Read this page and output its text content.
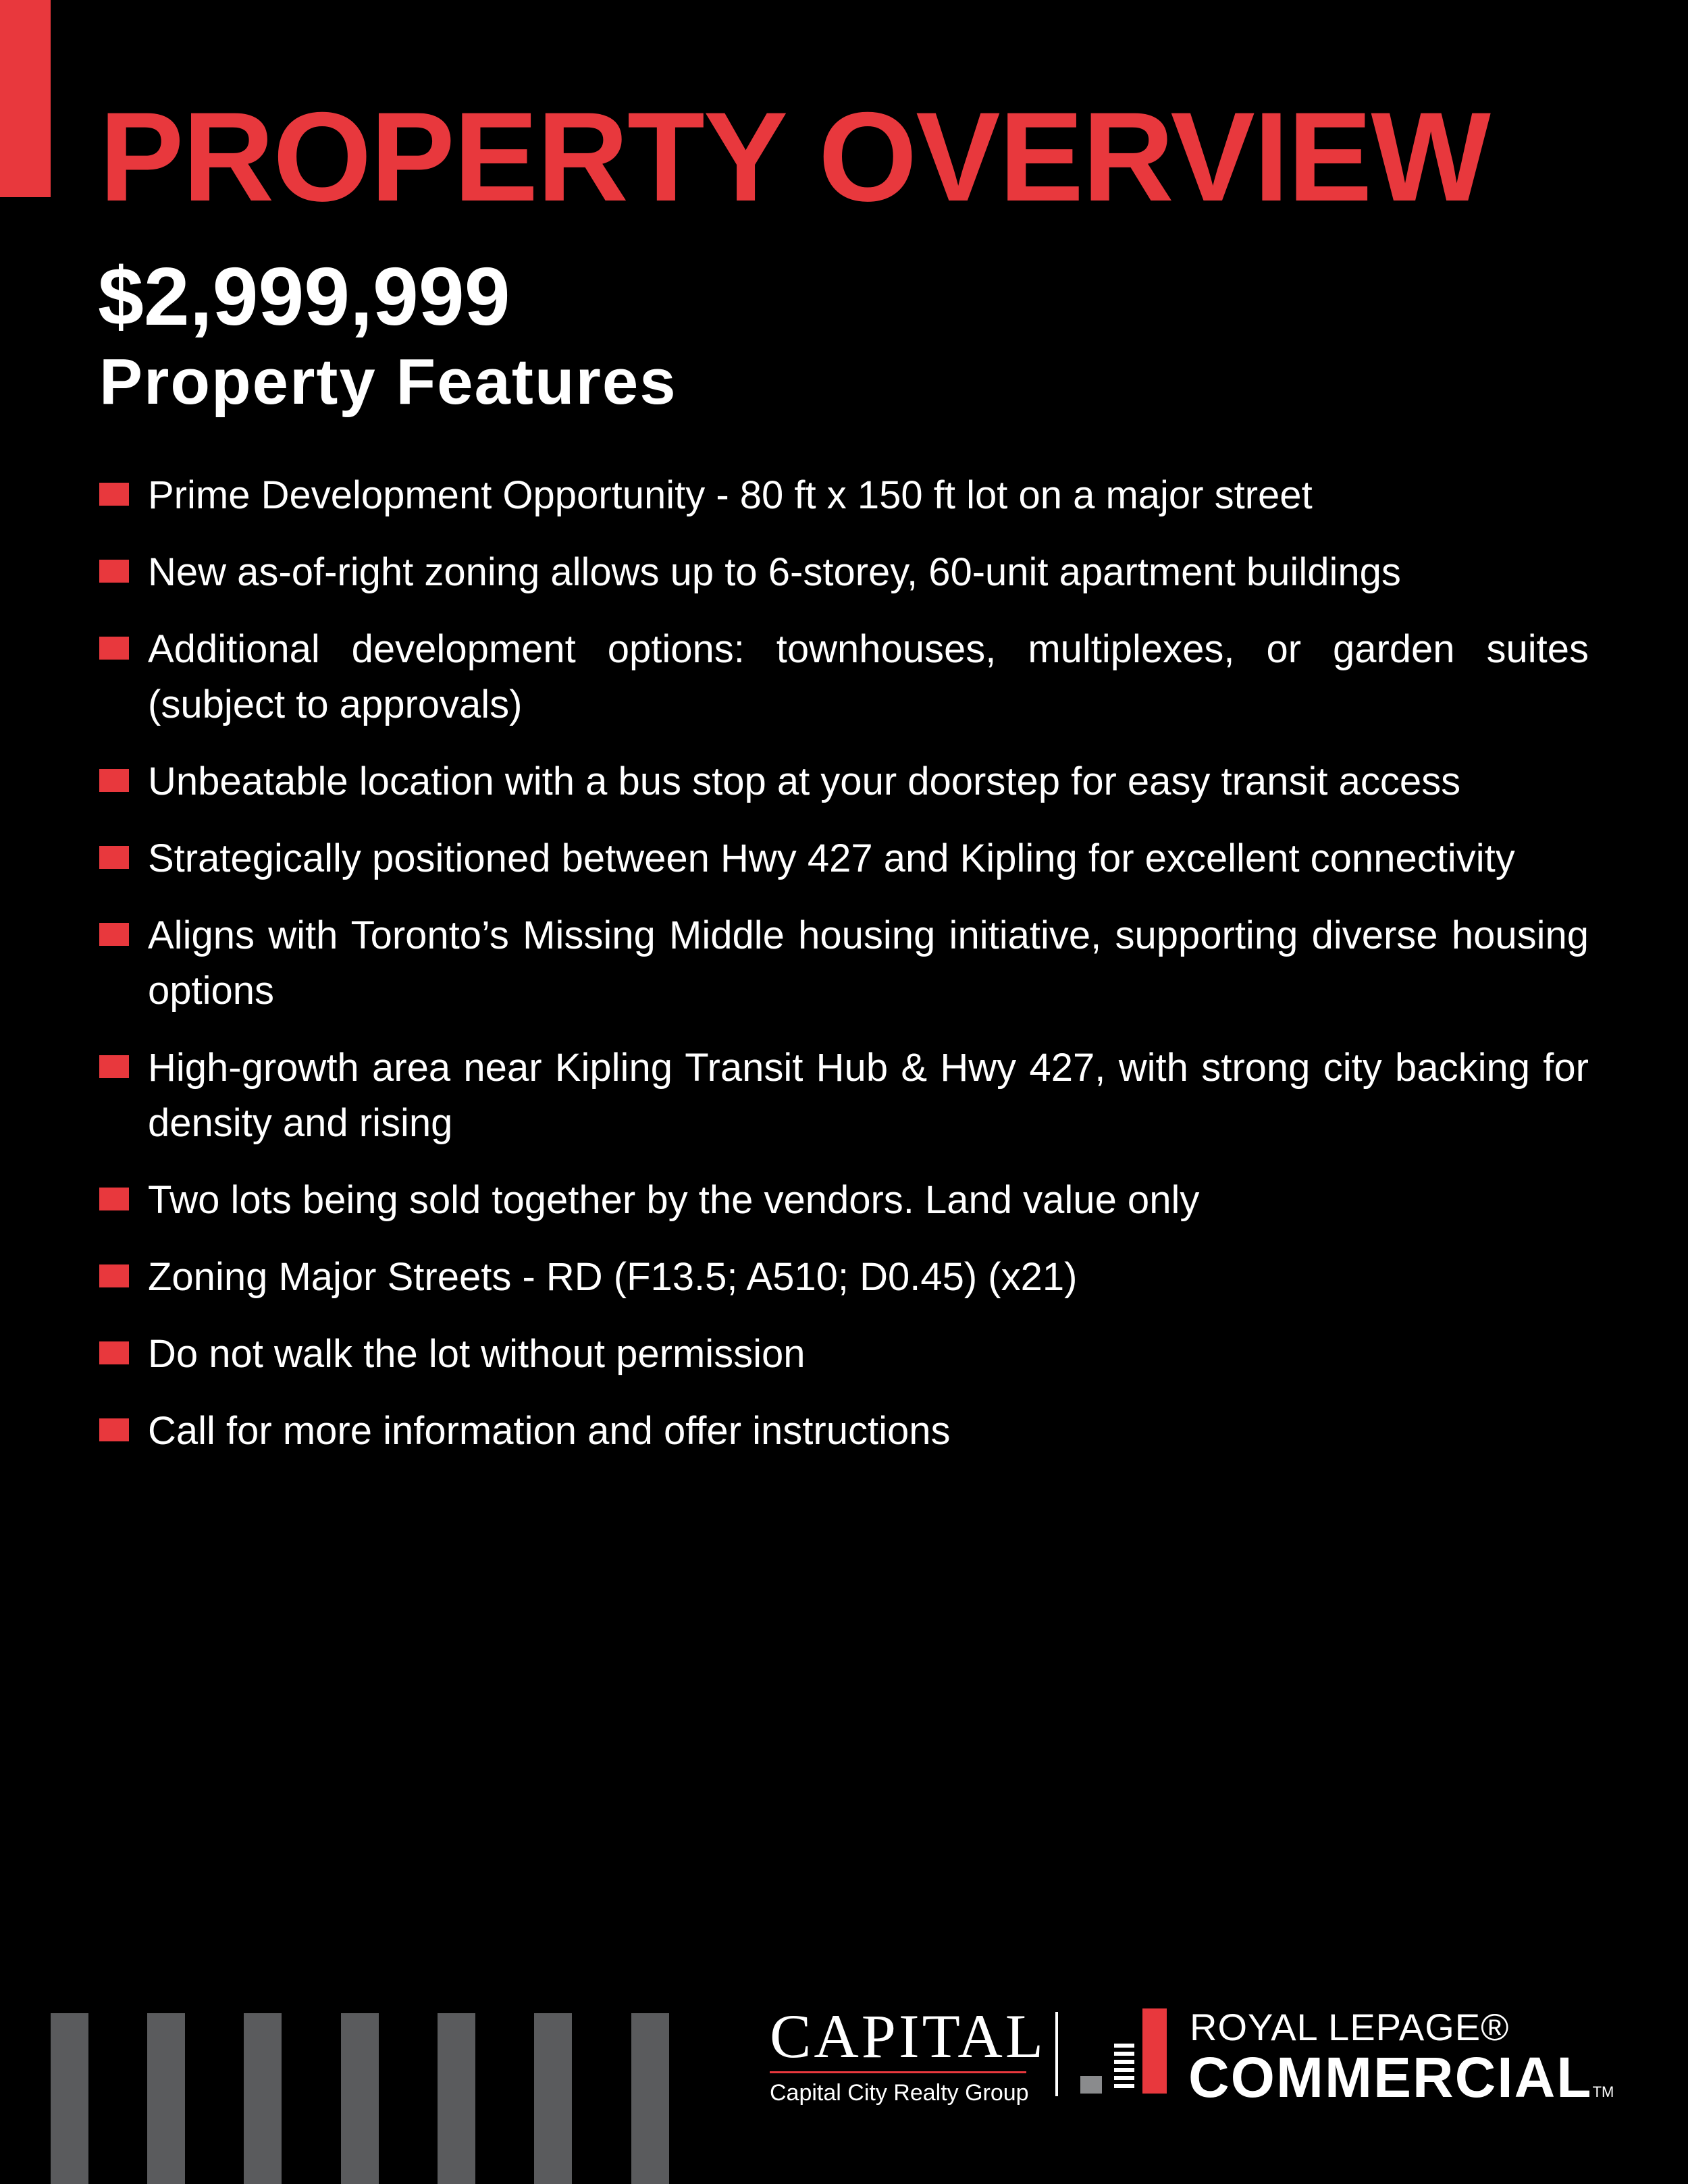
PROPERTY OVERVIEW
$2,999,999
Property Features
Prime Development Opportunity - 80 ft x 150 ft lot on a major street
New as-of-right zoning allows up to 6-storey, 60-unit apartment buildings
Additional development options: townhouses, multiplexes, or garden suites (subject to approvals)
Unbeatable location with a bus stop at your doorstep for easy transit access
Strategically positioned between Hwy 427 and Kipling for excellent connectivity
Aligns with Toronto’s Missing Middle housing initiative, supporting diverse housing options
High-growth area near Kipling Transit Hub & Hwy 427, with strong city backing for density and rising
Two lots being sold together by the vendors. Land value only
Zoning Major Streets - RD (F13.5; A510; D0.45) (x21)
Do not walk the lot without permission
Call for more information and offer instructions
CAPITAL
Capital City Realty Group
ROYAL LEPAGE®
COMMERCIALTM
